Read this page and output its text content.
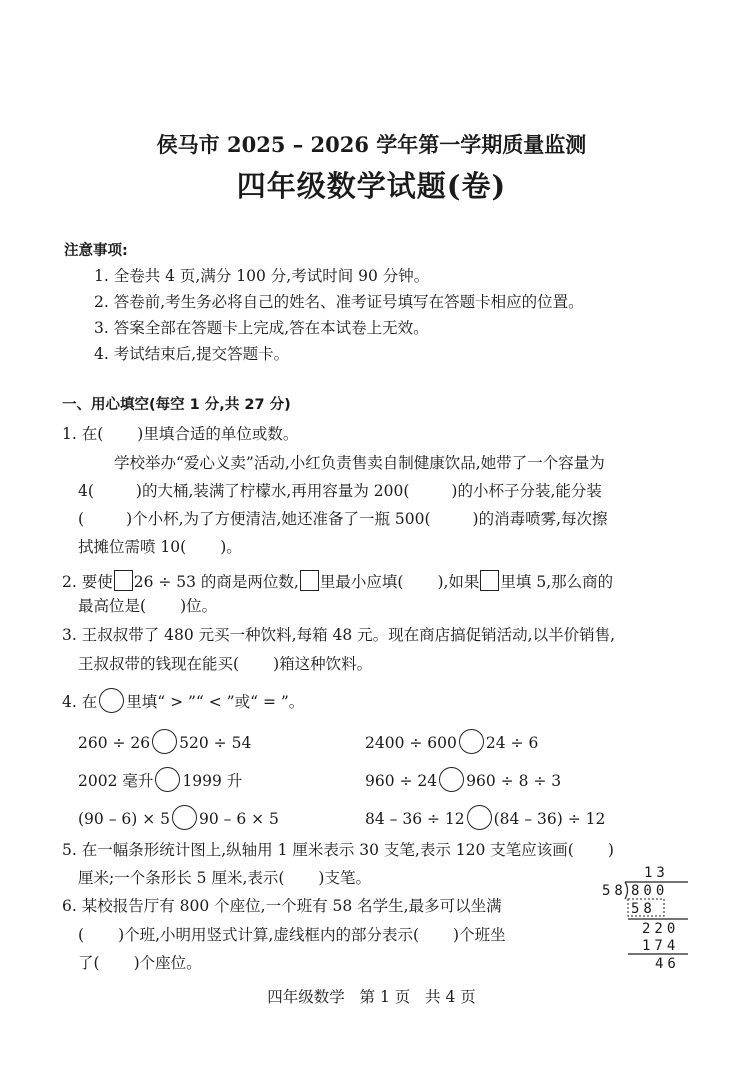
侯马市 2025 – 2026 学年第一学期质量监测
四年级数学试题(卷)
注意事项:
1. 全卷共 4 页,满分 100 分,考试时间 90 分钟。
2. 答卷前,考生务必将自己的姓名、准考证号填写在答题卡相应的位置。
3. 答案全部在答题卡上完成,答在本试卷上无效。
4. 考试结束后,提交答题卡。
一、用心填空(每空 1 分,共 27 分)
1. 在( )里填合适的单位或数。
学校举办“爱心义卖”活动,小红负责售卖自制健康饮品,她带了一个容量为
4(	)的大桶,装满了柠檬水,再用容量为 200(	)的小杯子分装,能分装
(	)个小杯,为了方便清洁,她还准备了一瓶 500(	)的消毒喷雾,每次擦
拭摊位需喷 10( )。
2. 要使 26 ÷ 53 的商是两位数, 里最小应填( ),如果 里填 5,那么商的
最高位是( )位。
3. 王叔叔带了 480 元买一种饮料,每箱 48 元。现在商店搞促销活动,以半价销售,
王叔叔带的钱现在能买( )箱这种饮料。
4. 在 里填“ > ”“ < ”或“ = ”。
260 ÷ 26 520 ÷ 54	2400 ÷ 600 24 ÷ 6
2002 毫升 1999 升	960 ÷ 24 960 ÷ 8 ÷ 3
(90 – 6) × 5 90 – 6 × 5	84 – 36 ÷ 12 (84 – 36) ÷ 12
5. 在一幅条形统计图上,纵轴用 1 厘米表示 30 支笔,表示 120 支笔应该画( )
厘米;一个条形长 5 厘米,表示( )支笔。
6. 某校报告厅有 800 个座位,一个班有 58 名学生,最多可以坐满
( )个班,小明用竖式计算,虚线框内的部分表示( )个班坐
了( )个座位。
13
58 800
58
220
174
46
四年级数学   第 1 页   共 4 页
